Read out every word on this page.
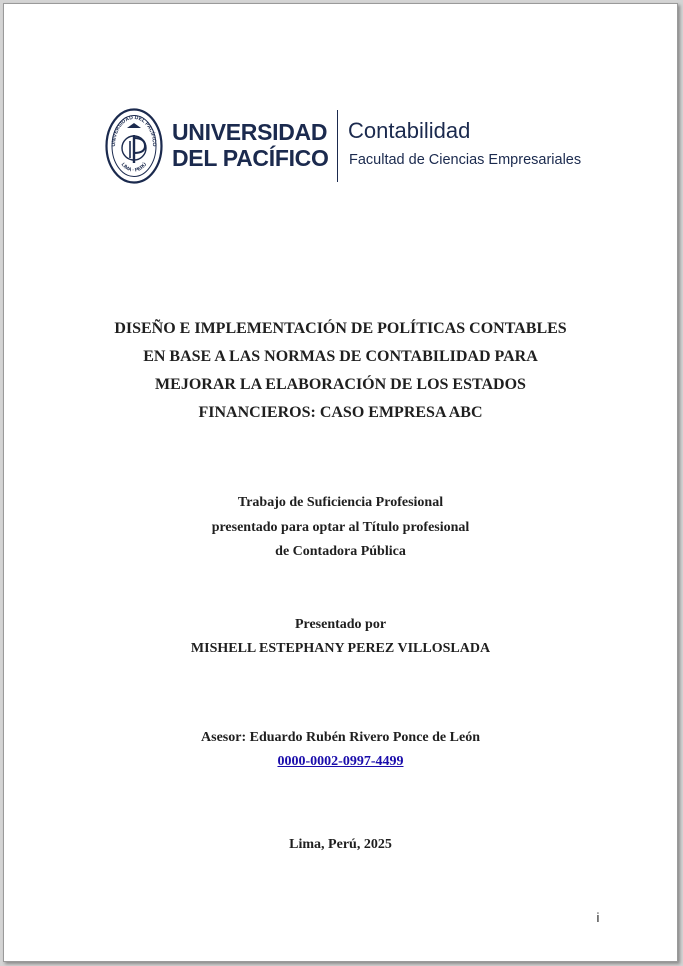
UNIVERSIDAD DEL PACÍFICO
LIMA · PERÚ
UNIVERSIDAD
DEL PACÍFICO
Contabilidad
Facultad de Ciencias Empresariales
DISEÑO E IMPLEMENTACIÓN DE POLÍTICAS CONTABLES
EN BASE A LAS NORMAS DE CONTABILIDAD PARA
MEJORAR LA ELABORACIÓN DE LOS ESTADOS
FINANCIEROS: CASO EMPRESA ABC
Trabajo de Suficiencia Profesional
presentado para optar al Título profesional
de Contadora Pública
Presentado por
MISHELL ESTEPHANY PEREZ VILLOSLADA
Asesor: Eduardo Rubén Rivero Ponce de León
0000-0002-0997-4499
Lima, Perú, 2025
i
